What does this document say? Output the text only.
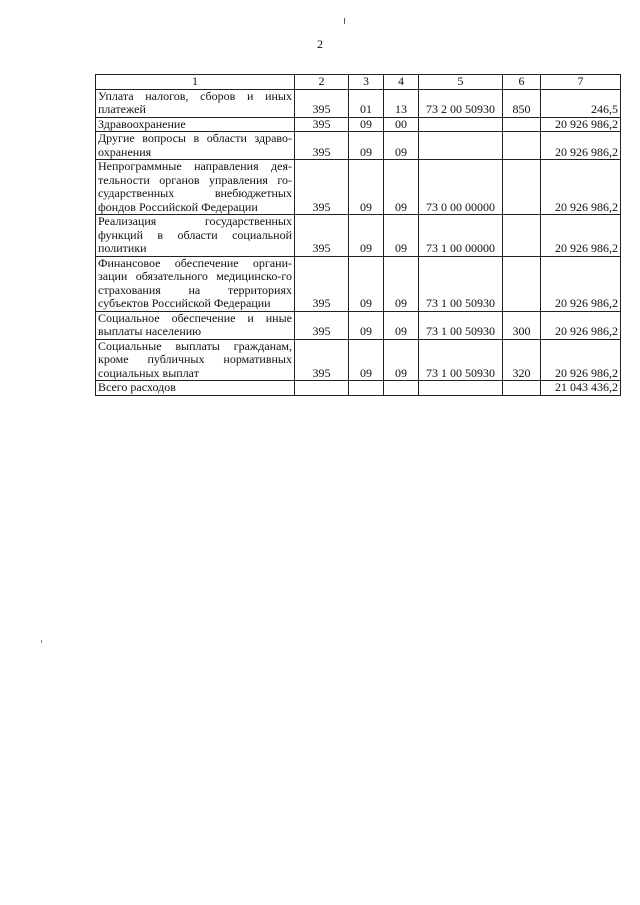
2
1	2	3	4	5	6	7
Уплата налогов, сборов и иных платежей	395	01	13	73 2 00 50930	850	246,5
Здравоохранение	395	09	00			20 926 986,2
Другие вопросы в области здраво-охранения	395	09	09			20 926 986,2
Непрограммные направления дея-тельности органов управления го-сударственных внебюджетных фондов Российской Федерации	395	09	09	73 0 00 00000		20 926 986,2
Реализация государственных функций в области социальной политики	395	09	09	73 1 00 00000		20 926 986,2
Финансовое обеспечение органи-зации обязательного медицинско-го страхования на территориях субъектов Российской Федерации	395	09	09	73 1 00 50930		20 926 986,2
Социальное обеспечение и иные выплаты населению	395	09	09	73 1 00 50930	300	20 926 986,2
Социальные выплаты гражданам, кроме публичных нормативных социальных выплат	395	09	09	73 1 00 50930	320	20 926 986,2
Всего расходов						21 043 436,2
